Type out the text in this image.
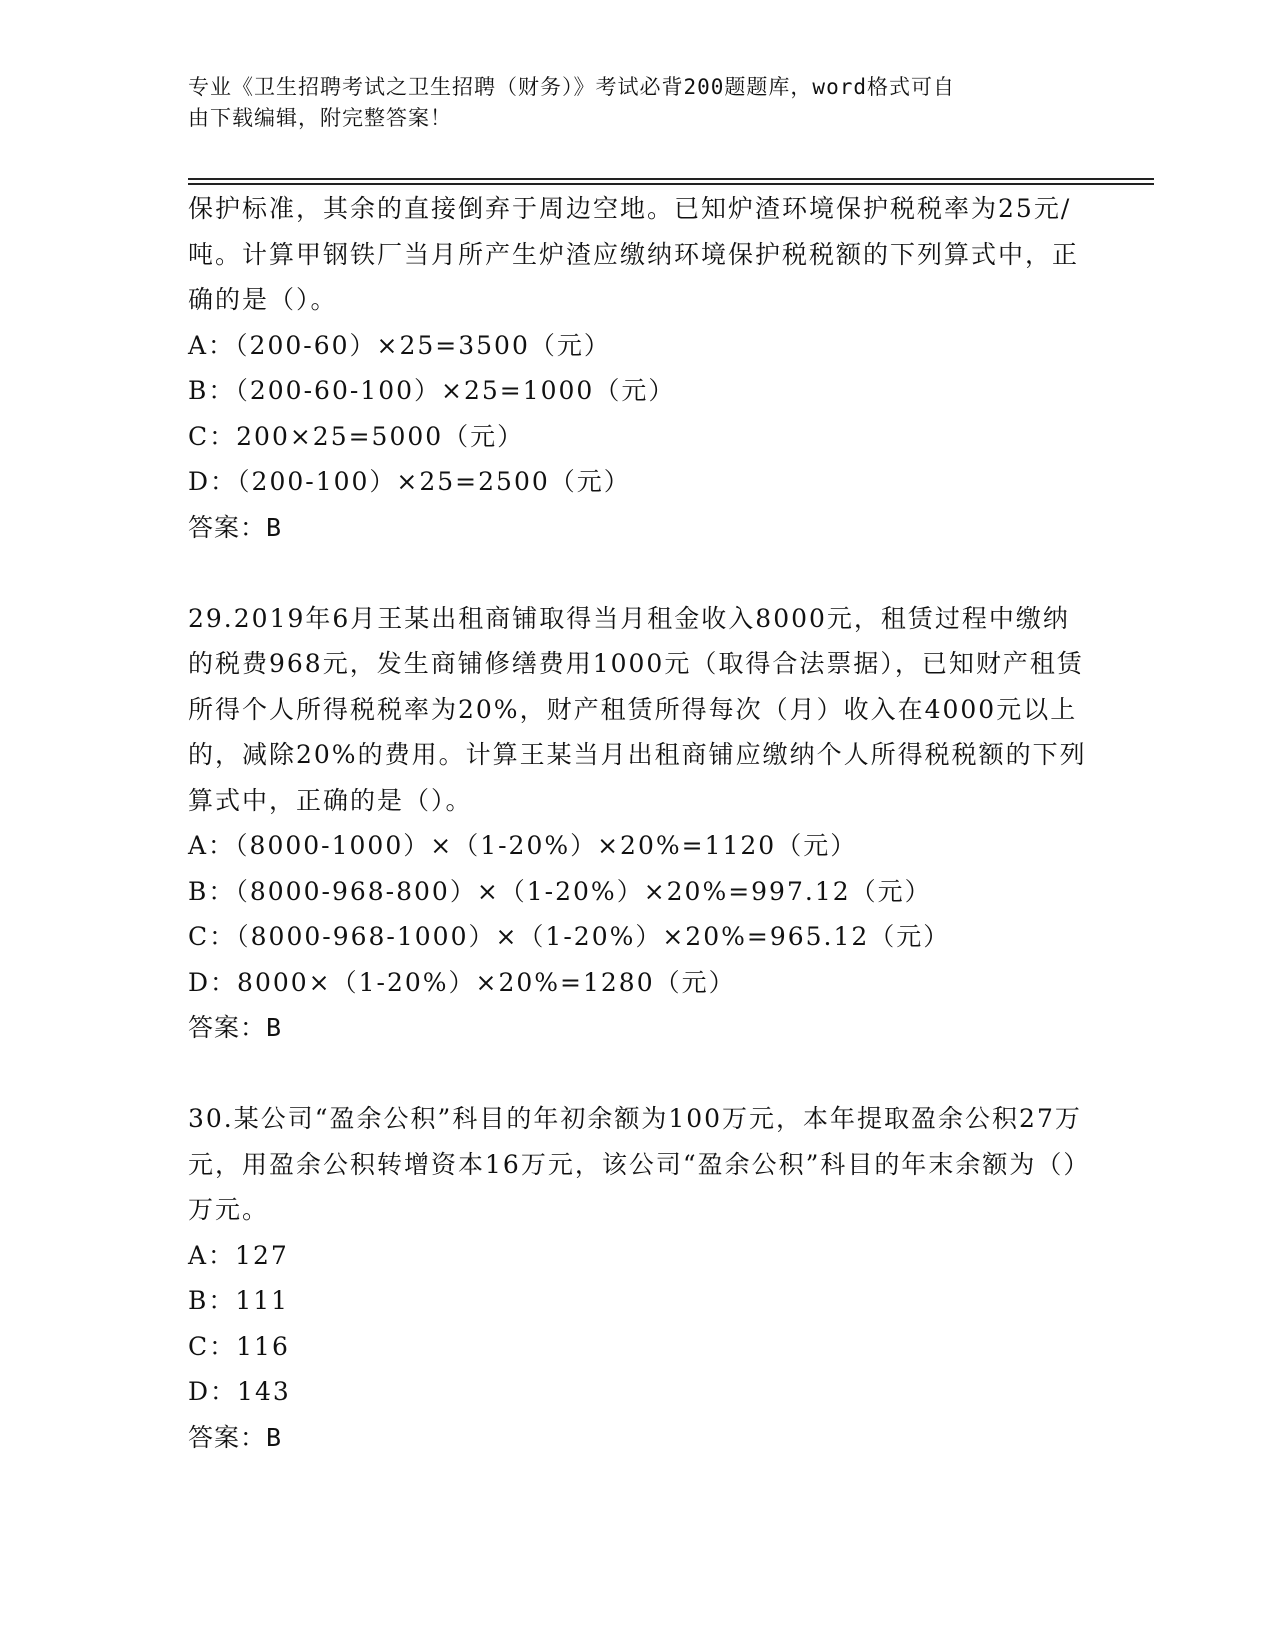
专业《卫生招聘考试之卫生招聘（财务）》考试必背200题题库，word格式可自
由下载编辑，附完整答案！
保护标准，其余的直接倒弃于周边空地。已知炉渣环境保护税税率为25元/吨。计算甲钢铁厂当月所产生炉渣应缴纳环境保护税税额的下列算式中，正确的是（）。
A：（200-60）×25=3500（元）
B：（200-60-100）×25=1000（元）
C：200×25=5000（元）
D：（200-100）×25=2500（元）
答案：B
29.2019年6月王某出租商铺取得当月租金收入8000元，租赁过程中缴纳的税费968元，发生商铺修缮费用1000元（取得合法票据），已知财产租赁所得个人所得税税率为20%，财产租赁所得每次（月）收入在4000元以上的，减除20%的费用。计算王某当月出租商铺应缴纳个人所得税税额的下列算式中，正确的是（）。
A：（8000-1000）×（1-20%）×20%=1120（元）
B：（8000-968-800）×（1-20%）×20%=997.12（元）
C：（8000-968-1000）×（1-20%）×20%=965.12（元）
D：8000×（1-20%）×20%=1280（元）
答案：B
30.某公司“盈余公积”科目的年初余额为100万元，本年提取盈余公积27万元，用盈余公积转增资本16万元，该公司“盈余公积”科目的年末余额为（）万元。
A：127
B：111
C：116
D：143
答案：B
